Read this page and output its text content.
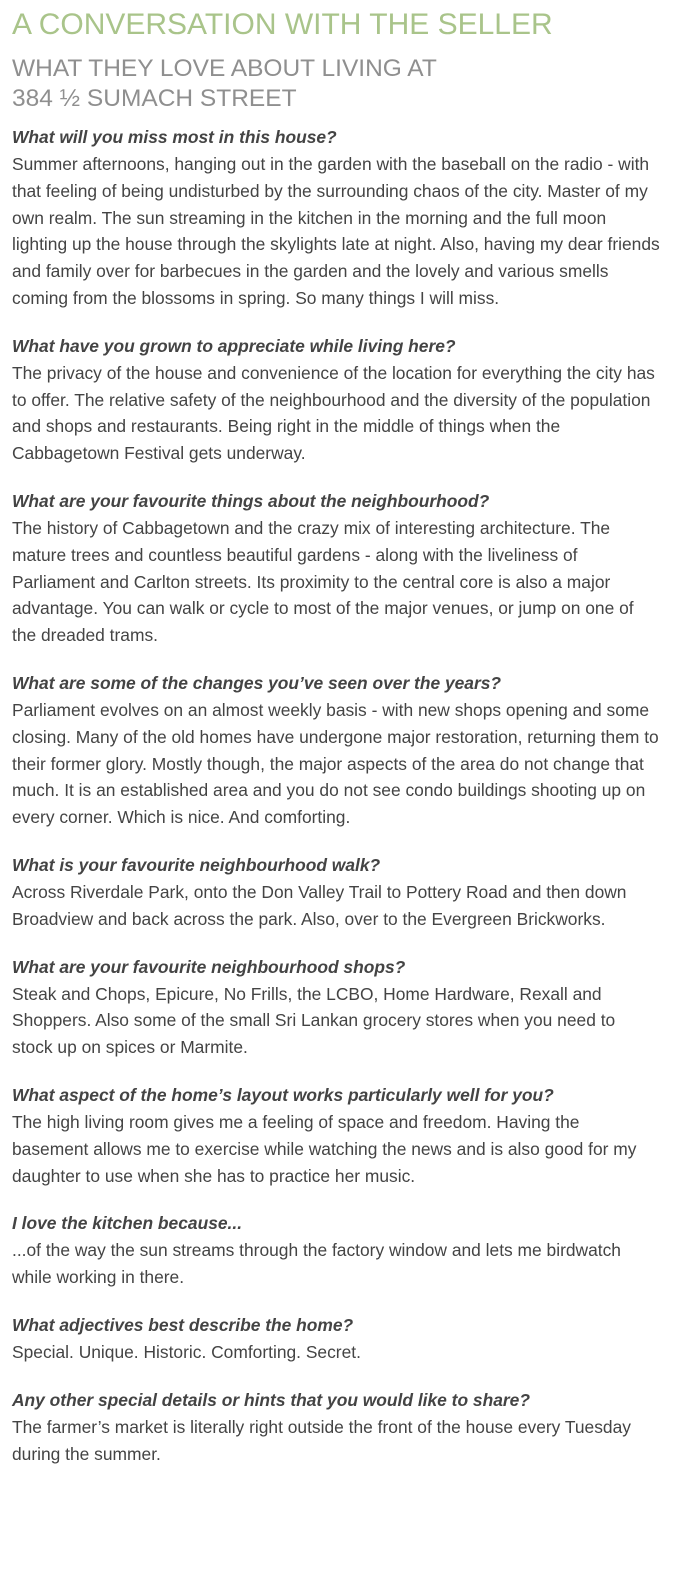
A CONVERSATION WITH THE SELLER
WHAT THEY LOVE ABOUT LIVING AT
384 ½ SUMACH STREET
What will you miss most in this house?
Summer afternoons, hanging out in the garden with the baseball on the radio - with that feeling of being undisturbed by the surrounding chaos of the city. Master of my own realm. The sun streaming in the kitchen in the morning and the full moon lighting up the house through the skylights late at night. Also, having my dear friends and family over for barbecues in the garden and the lovely and various smells coming from the blossoms in spring. So many things I will miss.
What have you grown to appreciate while living here?
The privacy of the house and convenience of the location for everything the city has to offer. The relative safety of the neighbourhood and the diversity of the population and shops and restaurants. Being right in the middle of things when the Cabbagetown Festival gets underway.
What are your favourite things about the neighbourhood?
The history of Cabbagetown and the crazy mix of interesting architecture. The mature trees and countless beautiful gardens - along with the liveliness of Parliament and Carlton streets. Its proximity to the central core is also a major advantage. You can walk or cycle to most of the major venues, or jump on one of the dreaded trams.
What are some of the changes you’ve seen over the years?
Parliament evolves on an almost weekly basis - with new shops opening and some closing. Many of the old homes have undergone major restoration, returning them to their former glory. Mostly though, the major aspects of the area do not change that much. It is an established area and you do not see condo buildings shooting up on every corner. Which is nice. And comforting.
What is your favourite neighbourhood walk?
Across Riverdale Park, onto the Don Valley Trail to Pottery Road and then down Broadview and back across the park. Also, over to the Evergreen Brickworks.
What are your favourite neighbourhood shops?
Steak and Chops, Epicure, No Frills, the LCBO, Home Hardware, Rexall and Shoppers. Also some of the small Sri Lankan grocery stores when you need to stock up on spices or Marmite.
What aspect of the home’s layout works particularly well for you?
The high living room gives me a feeling of space and freedom. Having the basement allows me to exercise while watching the news and is also good for my daughter to use when she has to practice her music.
I love the kitchen because...
...of the way the sun streams through the factory window and lets me birdwatch while working in there.
What adjectives best describe the home?
Special. Unique. Historic. Comforting. Secret.
Any other special details or hints that you would like to share?
The farmer’s market is literally right outside the front of the house every Tuesday during the summer.
